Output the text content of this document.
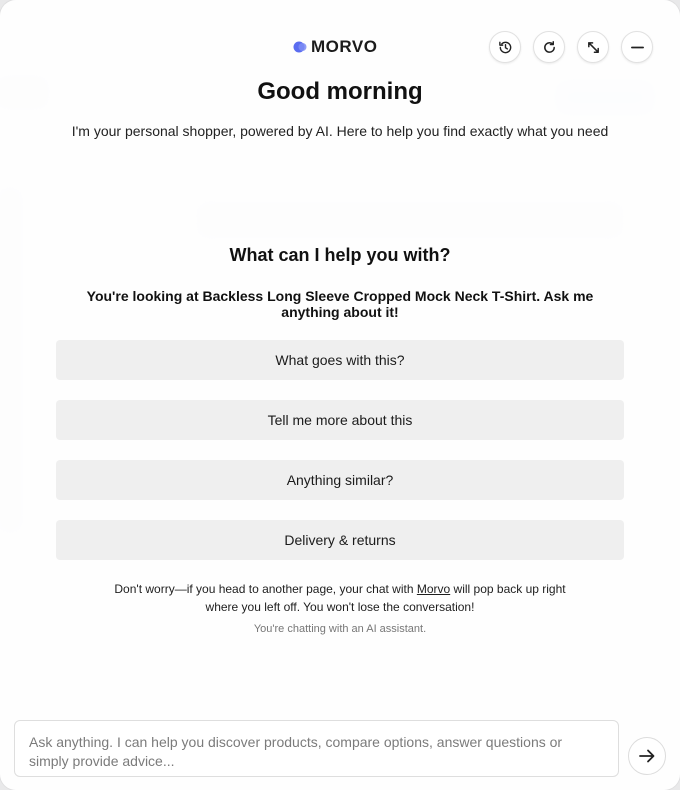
MORVO
Good morning
I'm your personal shopper, powered by AI. Here to help you find exactly what you need
What can I help you with?
You're looking at Backless Long Sleeve Cropped Mock Neck T-Shirt. Ask me anything about it!
What goes with this?
Tell me more about this
Anything similar?
Delivery & returns
Don't worry—if you head to another page, your chat with Morvo will pop back up right where you left off. You won't lose the conversation!
You're chatting with an AI assistant.
Ask anything. I can help you discover products, compare options, answer questions or simply provide advice...
